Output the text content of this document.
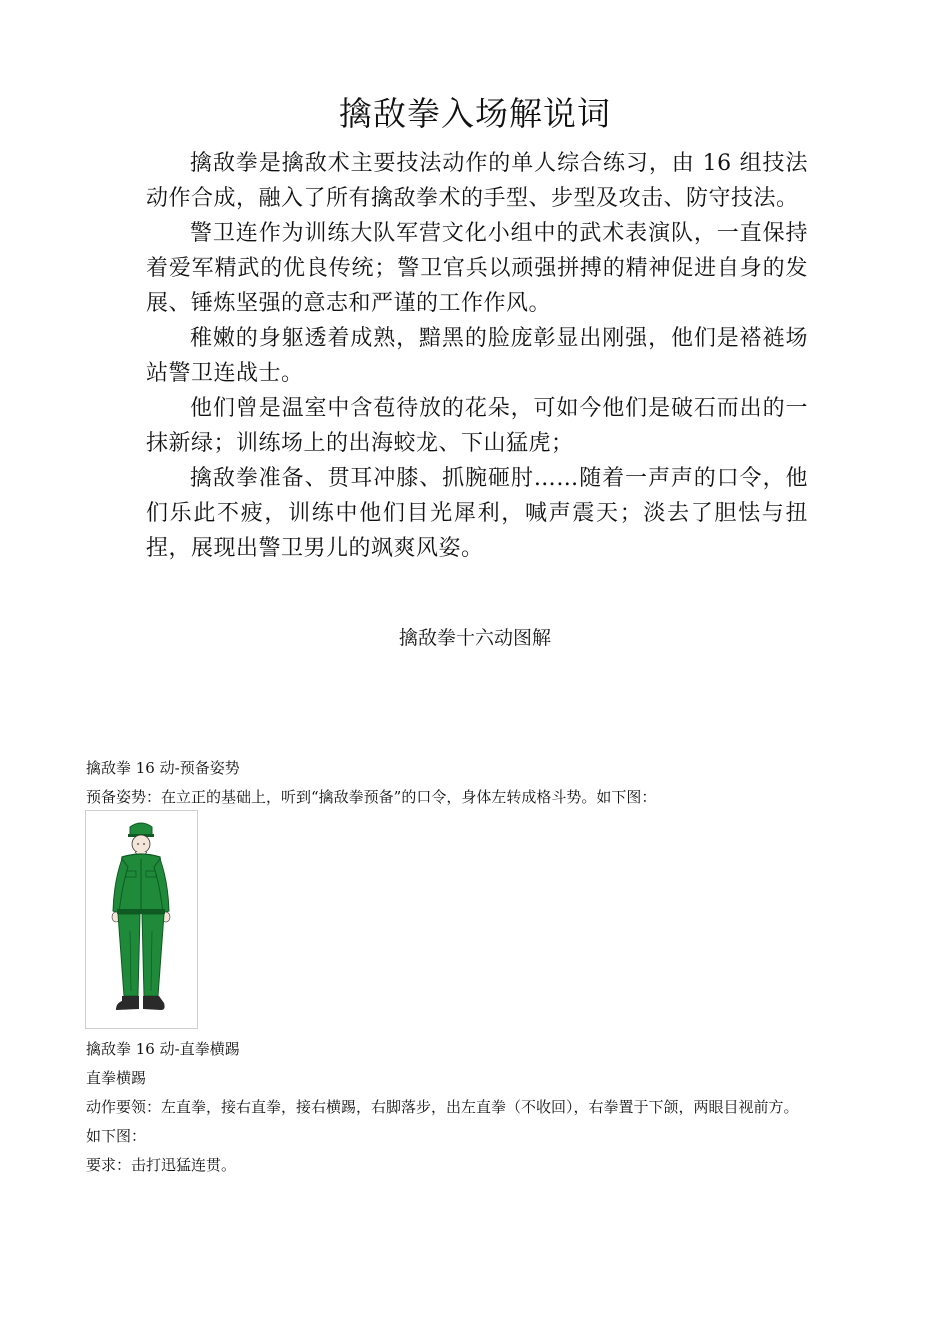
擒敌拳入场解说词

擒敌拳是擒敌术主要技法动作的单人综合练习，由 16 组技法动作合成，融入了所有擒敌拳术的手型、步型及攻击、防守技法。

警卫连作为训练大队军营文化小组中的武术表演队，一直保持着爱军精武的优良传统；警卫官兵以顽强拼搏的精神促进自身的发展、锤炼坚强的意志和严谨的工作作风。

稚嫩的身躯透着成熟，黯黑的脸庞彰显出刚强，他们是褡裢场站警卫连战士。

他们曾是温室中含苞待放的花朵，可如今他们是破石而出的一抹新绿；训练场上的出海蛟龙、下山猛虎；

擒敌拳准备、贯耳冲膝、抓腕砸肘……随着一声声的口令，他们乐此不疲，训练中他们目光犀利，喊声震天；淡去了胆怯与扭捏，展现出警卫男儿的飒爽风姿。

擒敌拳十六动图解
擒敌拳 16 动-预备姿势
预备姿势：在立正的基础上，听到“擒敌拳预备”的口令，身体左转成格斗势。如下图：
擒敌拳 16 动-直拳横踢
直拳横踢
动作要领：左直拳，接右直拳，接右横踢，右脚落步，出左直拳（不收回），右拳置于下颌，两眼目视前方。
如下图：
要求：击打迅猛连贯。
